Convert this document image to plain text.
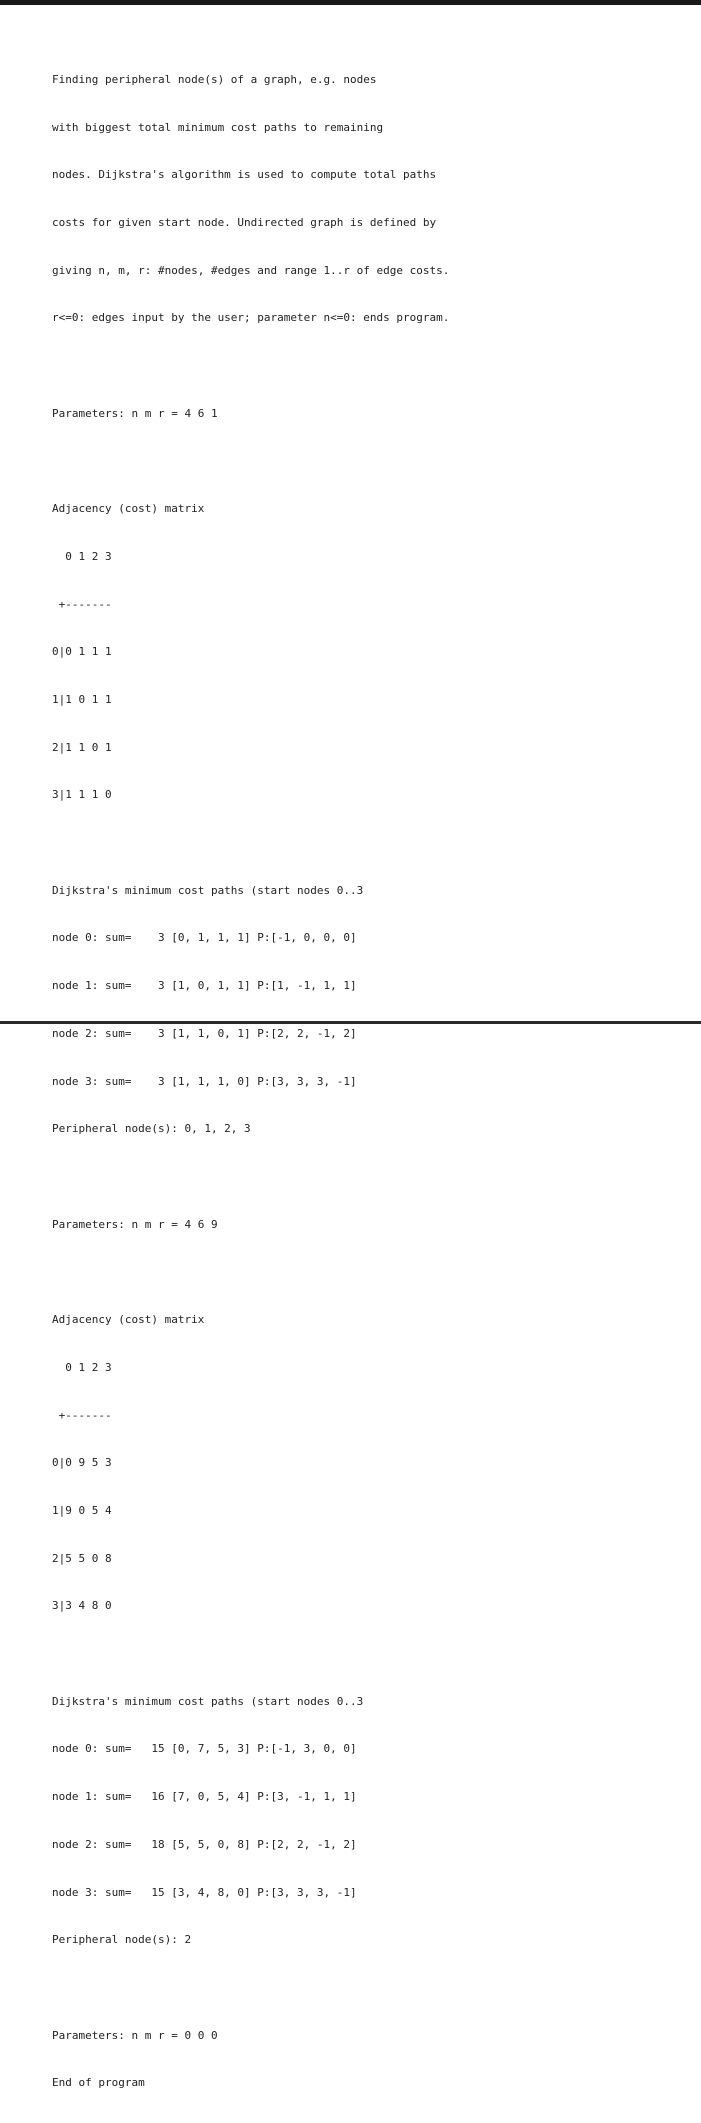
Finding peripheral node(s) of a graph, e.g. nodes

with biggest total minimum cost paths to remaining

nodes. Dijkstra's algorithm is used to compute total paths

costs for given start node. Undirected graph is defined by

giving n, m, r: #nodes, #edges and range 1..r of edge costs.

r<=0: edges input by the user; parameter n<=0: ends program.

Parameters: n m r = 4 6 1

Adjacency (cost) matrix

0 1 2 3

+-------

0|0 1 1 1

1|1 0 1 1

2|1 1 0 1

3|1 1 1 0

Dijkstra's minimum cost paths (start nodes 0..3

node 0: sum=    3 [0, 1, 1, 1] P:[-1, 0, 0, 0]

node 1: sum=    3 [1, 0, 1, 1] P:[1, -1, 1, 1]

node 2: sum=    3 [1, 1, 0, 1] P:[2, 2, -1, 2]

node 3: sum=    3 [1, 1, 1, 0] P:[3, 3, 3, -1]

Peripheral node(s): 0, 1, 2, 3

Parameters: n m r = 4 6 9

Adjacency (cost) matrix

0 1 2 3

+-------

0|0 9 5 3

1|9 0 5 4

2|5 5 0 8

3|3 4 8 0

Dijkstra's minimum cost paths (start nodes 0..3

node 0: sum=   15 [0, 7, 5, 3] P:[-1, 3, 0, 0]

node 1: sum=   16 [7, 0, 5, 4] P:[3, -1, 1, 1]

node 2: sum=   18 [5, 5, 0, 8] P:[2, 2, -1, 2]

node 3: sum=   15 [3, 4, 8, 0] P:[3, 3, 3, -1]

Peripheral node(s): 2

Parameters: n m r = 0 0 0

End of program
